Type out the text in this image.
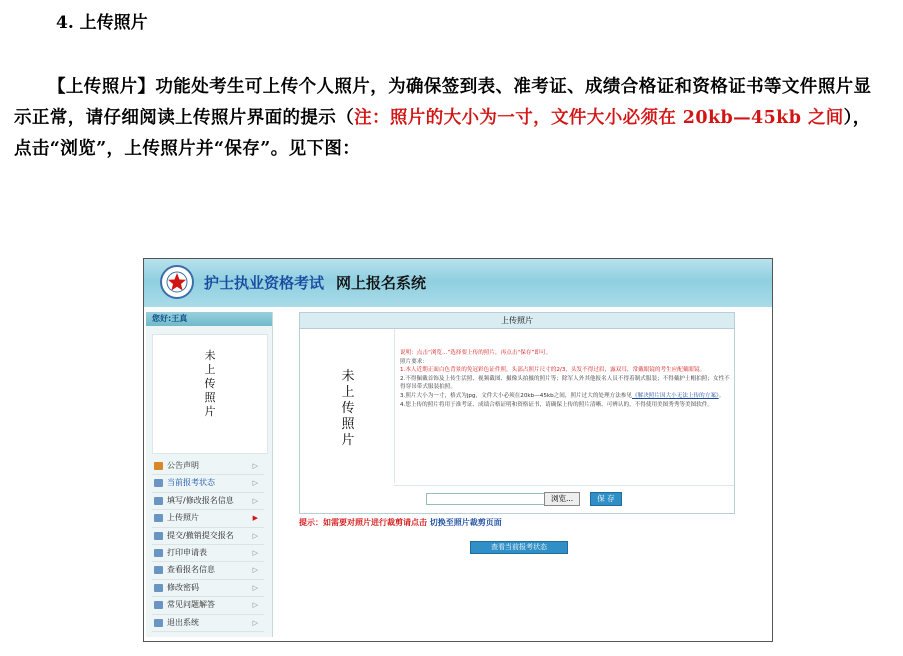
4. 上传照片
【上传照片】功能处考生可上传个人照片，为确保签到表、准考证、成绩合格证和资格证书等文件照片显示正常，请仔细阅读上传照片界面的提示（注：照片的大小为一寸，文件大小必须在 20kb—45kb 之间），点击“浏览”，上传照片并“保存”。见下图：
护士执业资格考试 网上报名系统
您好:王真
未
上
传
照
片
公告声明	▷
当前报考状态	▷
填写/修改报名信息	▷
上传照片	▶
提交/撤销提交报名	▷
打印申请表	▷
查看报名信息	▷
修改密码	▷
常见问题解答	▷
退出系统	▷
上传照片
未
上
传
照
片
说明：点击“浏览...”选择要上传的照片，再点击“保存”即可。
照片要求：
1.本人近期正面白色背景的免冠彩色证件照，头部占照片尺寸的2/3，头发不得过眉，露双耳，常戴眼镜的考生应配戴眼镜。
2.不得佩戴首饰及上传生活照、视频截图、摄像头拍摄的照片等；除军人外其他报名人员不得着制式服装；不得戴护士帽拍照；女性不得穿吊带式服装拍照。
3.照片大小为一寸，格式为jpg，文件大小必须在20kb—45kb之间，照片过大的处理方法参见《解决照片因大小无法上传的方案》。
4.您上传的照片将用于准考证、成绩合格证明和资格证书，请确保上传的照片清晰、可辨认的，不得使用美图秀秀等美图软件。
浏览...	保 存
提示：如需要对照片进行裁剪请点击 切换至照片裁剪页面
查看当前报考状态
